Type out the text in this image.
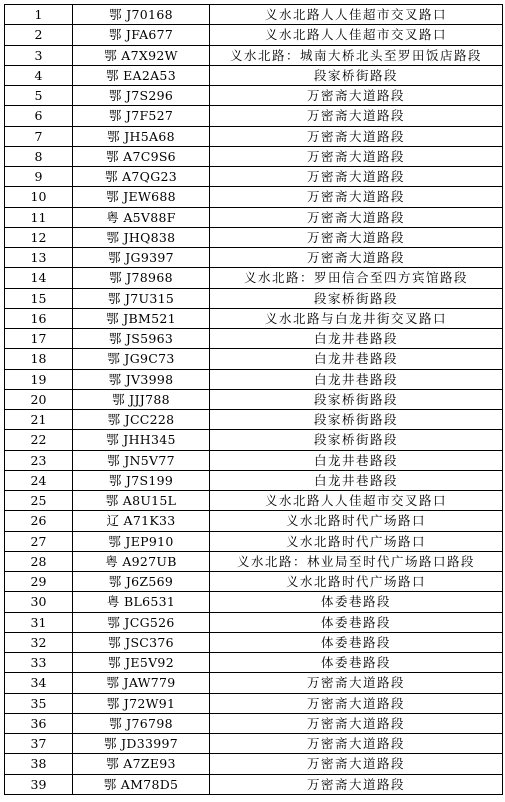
1	鄂 J70168	义水北路人人佳超市交叉路口
2	鄂 JFA677	义水北路人人佳超市交叉路口
3	鄂 A7X92W	义水北路：城南大桥北头至罗田饭店路段
4	鄂 EA2A53	段家桥街路段
5	鄂 J7S296	万密斋大道路段
6	鄂 J7F527	万密斋大道路段
7	鄂 JH5A68	万密斋大道路段
8	鄂 A7C9S6	万密斋大道路段
9	鄂 A7QG23	万密斋大道路段
10	鄂 JEW688	万密斋大道路段
11	粤 A5V88F	万密斋大道路段
12	鄂 JHQ838	万密斋大道路段
13	鄂 JG9397	万密斋大道路段
14	鄂 J78968	义水北路：罗田信合至四方宾馆路段
15	鄂 J7U315	段家桥街路段
16	鄂 JBM521	义水北路与白龙井街交叉路口
17	鄂 JS5963	白龙井巷路段
18	鄂 JG9C73	白龙井巷路段
19	鄂 JV3998	白龙井巷路段
20	鄂 JJJ788	段家桥街路段
21	鄂 JCC228	段家桥街路段
22	鄂 JHH345	段家桥街路段
23	鄂 JN5V77	白龙井巷路段
24	鄂 J7S199	白龙井巷路段
25	鄂 A8U15L	义水北路人人佳超市交叉路口
26	辽 A71K33	义水北路时代广场路口
27	鄂 JEP910	义水北路时代广场路口
28	粤 A927UB	义水北路：林业局至时代广场路口路段
29	鄂 J6Z569	义水北路时代广场路口
30	粤 BL6531	体委巷路段
31	鄂 JCG526	体委巷路段
32	鄂 JSC376	体委巷路段
33	鄂 JE5V92	体委巷路段
34	鄂 JAW779	万密斋大道路段
35	鄂 J72W91	万密斋大道路段
36	鄂 J76798	万密斋大道路段
37	鄂 JD33997	万密斋大道路段
38	鄂 A7ZE93	万密斋大道路段
39	鄂 AM78D5	万密斋大道路段
